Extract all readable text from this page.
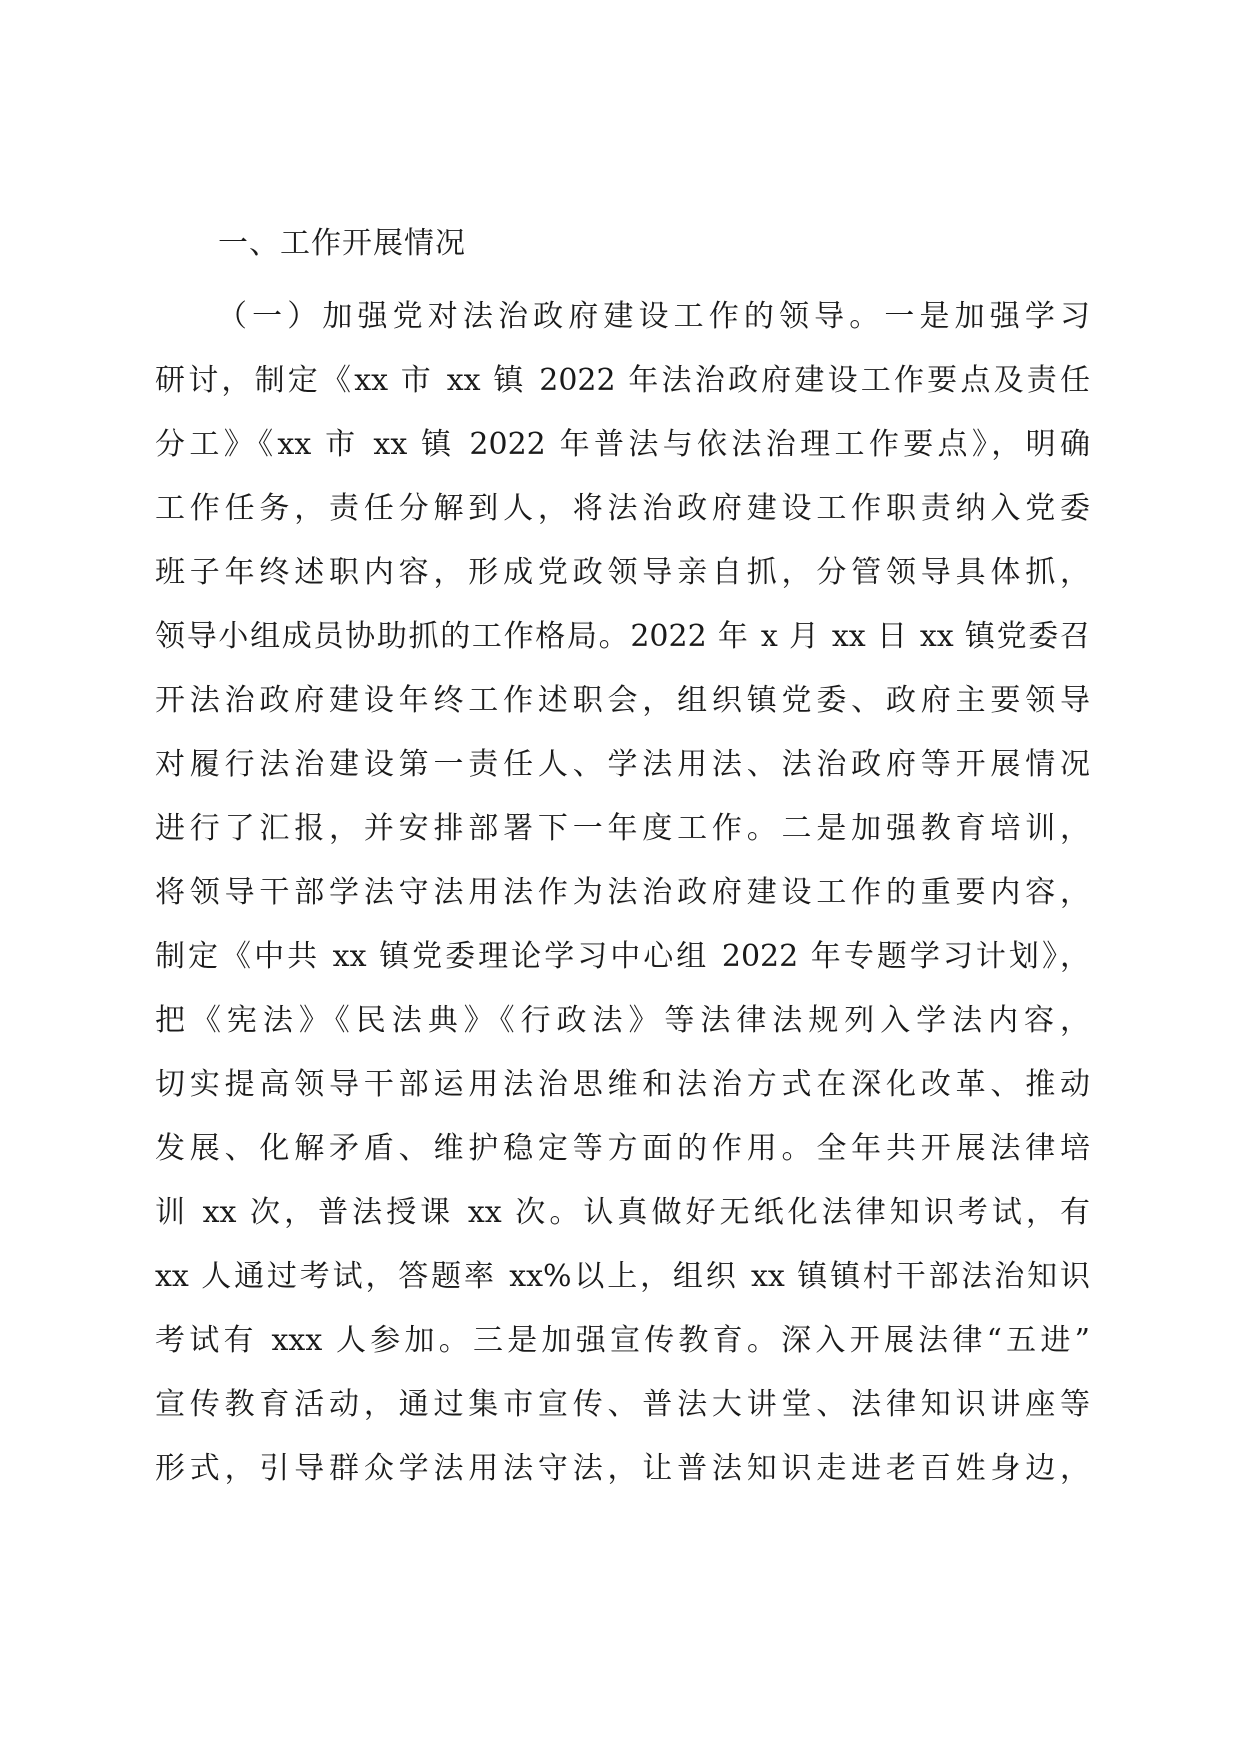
一、工作开展情况
（一）加强党对法治政府建设工作的领导。一是加强学习
研讨，制定《xx 市 xx 镇 2022 年法治政府建设工作要点及责任
分工》《xx 市 xx 镇 2022 年普法与依法治理工作要点》，明确
工作任务，责任分解到人，将法治政府建设工作职责纳入党委
班子年终述职内容，形成党政领导亲自抓，分管领导具体抓，
领导小组成员协助抓的工作格局。2022 年 x 月 xx 日 xx 镇党委召
开法治政府建设年终工作述职会，组织镇党委、政府主要领导
对履行法治建设第一责任人、学法用法、法治政府等开展情况
进行了汇报，并安排部署下一年度工作。二是加强教育培训，
将领导干部学法守法用法作为法治政府建设工作的重要内容，
制定《中共 xx 镇党委理论学习中心组 2022 年专题学习计划》，
把《宪法》《民法典》《行政法》等法律法规列入学法内容，
切实提高领导干部运用法治思维和法治方式在深化改革、推动
发展、化解矛盾、维护稳定等方面的作用。全年共开展法律培
训 xx 次，普法授课 xx 次。认真做好无纸化法律知识考试，有
xx 人通过考试，答题率 xx%以上，组织 xx 镇镇村干部法治知识
考试有 xxx 人参加。三是加强宣传教育。深入开展法律“五进”
宣传教育活动，通过集市宣传、普法大讲堂、法律知识讲座等
形式，引导群众学法用法守法，让普法知识走进老百姓身边，
